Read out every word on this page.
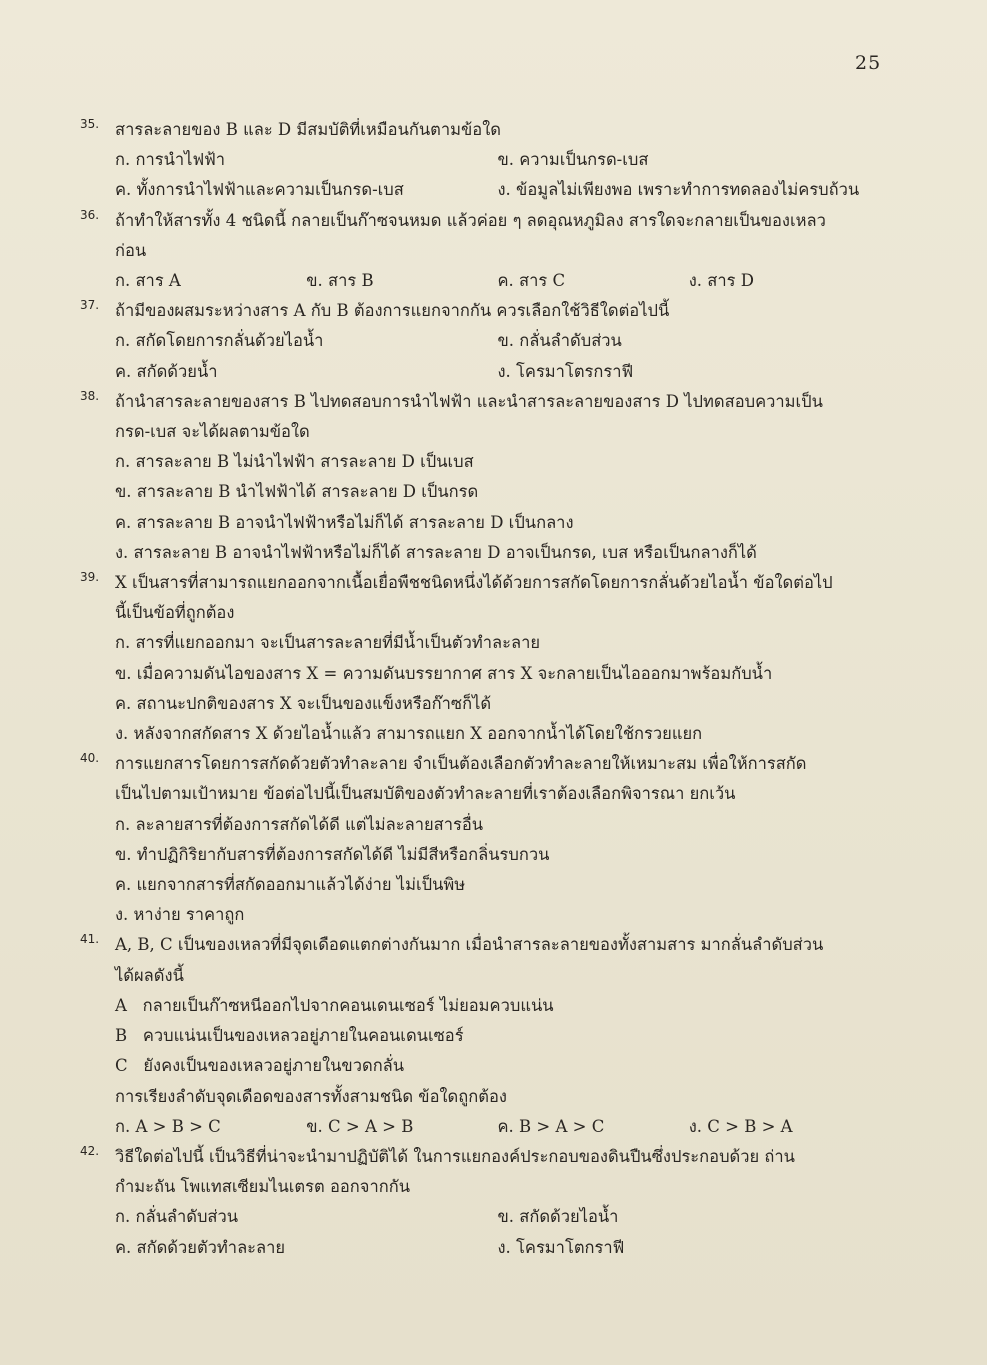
25
35. สารละลายของ B และ D มีสมบัติที่เหมือนกันตามข้อใด
ก. การนำไฟฟ้า	ข. ความเป็นกรด-เบส
ค. ทั้งการนำไฟฟ้าและความเป็นกรด-เบส	ง. ข้อมูลไม่เพียงพอ เพราะทำการทดลองไม่ครบถ้วน
36. ถ้าทำให้สารทั้ง 4 ชนิดนี้ กลายเป็นก๊าซจนหมด แล้วค่อย ๆ ลดอุณหภูมิลง สารใดจะกลายเป็นของเหลว
ก่อน
ก. สาร A	ข. สาร B	ค. สาร C	ง. สาร D
37. ถ้ามีของผสมระหว่างสาร A กับ B ต้องการแยกจากกัน ควรเลือกใช้วิธีใดต่อไปนี้
ก. สกัดโดยการกลั่นด้วยไอน้ำ	ข. กลั่นลำดับส่วน
ค. สกัดด้วยน้ำ	ง. โครมาโตรกราฟี
38. ถ้านำสารละลายของสาร B ไปทดสอบการนำไฟฟ้า และนำสารละลายของสาร D ไปทดสอบความเป็น
กรด-เบส จะได้ผลตามข้อใด
ก. สารละลาย B ไม่นำไฟฟ้า สารละลาย D เป็นเบส
ข. สารละลาย B นำไฟฟ้าได้ สารละลาย D เป็นกรด
ค. สารละลาย B อาจนำไฟฟ้าหรือไม่ก็ได้ สารละลาย D เป็นกลาง
ง. สารละลาย B อาจนำไฟฟ้าหรือไม่ก็ได้ สารละลาย D อาจเป็นกรด, เบส หรือเป็นกลางก็ได้
39. X เป็นสารที่สามารถแยกออกจากเนื้อเยื่อพืชชนิดหนึ่งได้ด้วยการสกัดโดยการกลั่นด้วยไอน้ำ ข้อใดต่อไป
นี้เป็นข้อที่ถูกต้อง
ก. สารที่แยกออกมา จะเป็นสารละลายที่มีน้ำเป็นตัวทำละลาย
ข. เมื่อความดันไอของสาร X = ความดันบรรยากาศ สาร X จะกลายเป็นไอออกมาพร้อมกับน้ำ
ค. สถานะปกติของสาร X จะเป็นของแข็งหรือก๊าซก็ได้
ง. หลังจากสกัดสาร X ด้วยไอน้ำแล้ว สามารถแยก X ออกจากน้ำได้โดยใช้กรวยแยก
40. การแยกสารโดยการสกัดด้วยตัวทำละลาย จำเป็นต้องเลือกตัวทำละลายให้เหมาะสม เพื่อให้การสกัด
เป็นไปตามเป้าหมาย ข้อต่อไปนี้เป็นสมบัติของตัวทำละลายที่เราต้องเลือกพิจารณา ยกเว้น
ก. ละลายสารที่ต้องการสกัดได้ดี แต่ไม่ละลายสารอื่น
ข. ทำปฏิกิริยากับสารที่ต้องการสกัดได้ดี ไม่มีสีหรือกลิ่นรบกวน
ค. แยกจากสารที่สกัดออกมาแล้วได้ง่าย ไม่เป็นพิษ
ง. หาง่าย ราคาถูก
41. A, B, C เป็นของเหลวที่มีจุดเดือดแตกต่างกันมาก เมื่อนำสารละลายของทั้งสามสาร มากลั่นลำดับส่วน
ได้ผลดังนี้
A   กลายเป็นก๊าซหนีออกไปจากคอนเดนเซอร์ ไม่ยอมควบแน่น
B   ควบแน่นเป็นของเหลวอยู่ภายในคอนเดนเซอร์
C   ยังคงเป็นของเหลวอยู่ภายในขวดกลั่น
การเรียงลำดับจุดเดือดของสารทั้งสามชนิด ข้อใดถูกต้อง
ก. A > B > C	ข. C > A > B	ค. B > A > C	ง. C > B > A
42. วิธีใดต่อไปนี้ เป็นวิธีที่น่าจะนำมาปฏิบัติได้ ในการแยกองค์ประกอบของดินปืนซึ่งประกอบด้วย ถ่าน
กำมะถัน โพแทสเซียมไนเตรต ออกจากกัน
ก. กลั่นลำดับส่วน	ข. สกัดด้วยไอน้ำ
ค. สกัดด้วยตัวทำละลาย	ง. โครมาโตกราฟี
